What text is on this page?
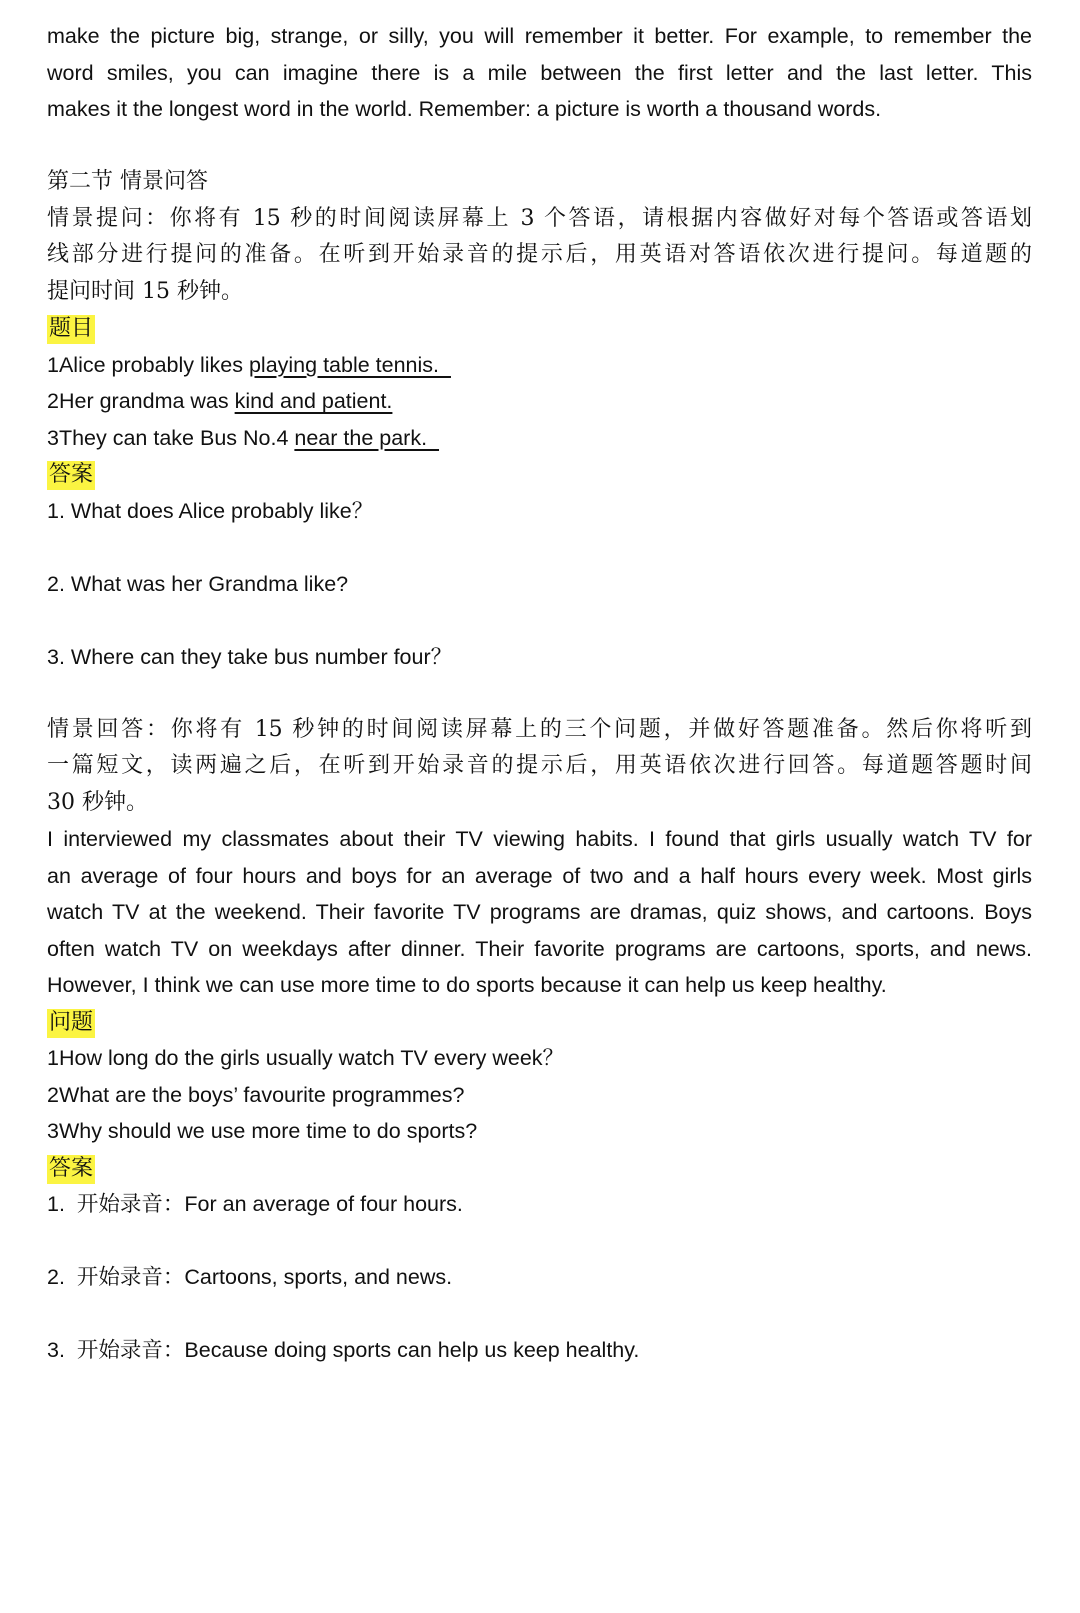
make the picture big, strange, or silly, you will remember it better. For example, to remember the
word smiles, you can imagine there is a mile between the first letter and the last letter. This
makes it the longest word in the world. Remember: a picture is worth a thousand words.
第二节 情景问答
情景提问：你将有 15 秒的时间阅读屏幕上 3 个答语，请根据内容做好对每个答语或答语划
线部分进行提问的准备。在听到开始录音的提示后，用英语对答语依次进行提问。每道题的
提问时间 15 秒钟。
题目
1Alice probably likes playing table tennis.
2Her grandma was kind and patient.
3They can take Bus No.4 near the park.
答案
1. What does Alice probably like？
2. What was her Grandma like?
3. Where can they take bus number four？
情景回答：你将有 15 秒钟的时间阅读屏幕上的三个问题，并做好答题准备。然后你将听到
一篇短文，读两遍之后，在听到开始录音的提示后，用英语依次进行回答。每道题答题时间
30 秒钟。
I interviewed my classmates about their TV viewing habits. I found that girls usually watch TV for
an average of four hours and boys for an average of two and a half hours every week. Most girls
watch TV at the weekend. Their favorite TV programs are dramas, quiz shows, and cartoons. Boys
often watch TV on weekdays after dinner. Their favorite programs are cartoons, sports, and news.
However, I think we can use more time to do sports because it can help us keep healthy.
问题
1How long do the girls usually watch TV every week？
2What are the boys’ favourite programmes?
3Why should we use more time to do sports?
答案
1.  开始录音：For an average of four hours.
2.  开始录音：Cartoons, sports, and news.
3.  开始录音：Because doing sports can help us keep healthy.
